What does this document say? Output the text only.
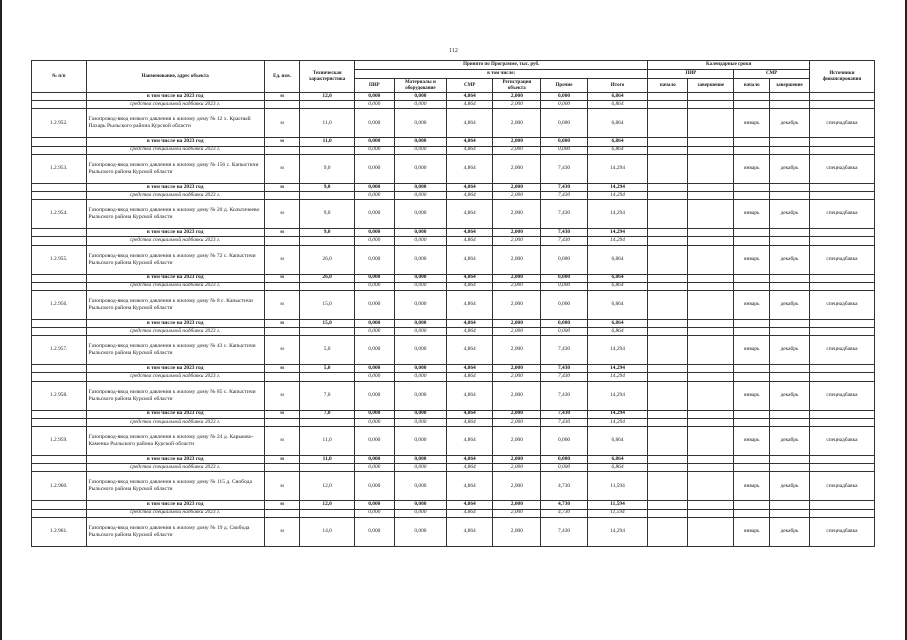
112
№ п/п	Наименование, адрес объекта	Ед. изм.	Техническая характеристика	Принято по Программе, тыс. руб.						Календарные сроки				Источники финансирования
				в том числе:						ПИР		СМР		
				ПИР	Материалы и оборудование	СМР	Регистрация объекта	Прочие	Итого	начало	завершение	начало	завершение	
	в том числе на 2023 год	м	12,0	0,000	0,000	4,864	2,000	0,000	6,864					
	средства специальной надбавки 2023 г.			0,000	0,000	4,864	2,000	0,000	6,864					
1.2.952.	Газопровод-ввод низкого давления к жилому дому № 12 х. Красный Пахарь Рыльского района Курской области	м	11,0	0,000	0,000	4,864	2,000	0,000	6,864			январь	декабрь	спецнадбавка
	в том числе на 2023 год	м	11,0	0,000	0,000	4,864	2,000	0,000	6,864					
	средства специальной надбавки 2023 г.			0,000	0,000	4,864	2,000	0,000	6,864					
1.2.953.	Газопровод-ввод низкого давления к жилому дому № 156 с. Капыстичи Рыльского района Курской области	м	9,0	0,000	0,000	4,864	2,000	7,430	14,294			январь	декабрь	спецнадбавка
	в том числе на 2023 год	м	9,0	0,000	0,000	4,864	2,000	7,430	14,294					
	средства специальной надбавки 2023 г.			0,000	0,000	4,864	2,000	7,430	14,294					
1.2.954.	Газопровод-ввод низкого давления к жилому дому № 20 д. Кольтичеево Рыльского района Курской области	м	9,0	0,000	0,000	4,864	2,000	7,430	14,294			январь	декабрь	спецнадбавка
	в том числе на 2023 год	м	9,0	0,000	0,000	4,864	2,000	7,430	14,294					
	средства специальной надбавки 2023 г.			0,000	0,000	4,864	2,000	7,430	14,294					
1.2.955.	Газопровод-ввод низкого давления к жилому дому № 72 с. Капыстичи Рыльского района Курской области	м	26,0	0,000	0,000	4,864	2,000	0,000	6,864			январь	декабрь	спецнадбавка
	в том числе на 2023 год	м	26,0	0,000	0,000	4,864	2,000	0,000	6,864					
	средства специальной надбавки 2023 г.			0,000	0,000	4,864	2,000	0,000	6,864					
1.2.956.	Газопровод-ввод низкого давления к жилому дому № 8 с. Капыстичи Рыльского района Курской области	м	15,0	0,000	0,000	4,864	2,000	0,000	6,864			январь	декабрь	спецнадбавка
	в том числе на 2023 год	м	15,0	0,000	0,000	4,864	2,000	0,000	6,864					
	средства специальной надбавки 2023 г.			0,000	0,000	4,864	2,000	0,000	6,864					
1.2.957.	Газопровод-ввод низкого давления к жилому дому № 43 с. Капыстичи Рыльского района Курской области	м	5,0	0,000	0,000	4,864	2,000	7,430	14,294			январь	декабрь	спецнадбавка
	в том числе на 2023 год	м	5,0	0,000	0,000	4,864	2,000	7,430	14,294					
	средства специальной надбавки 2023 г.			0,000	0,000	4,864	2,000	7,430	14,294					
1.2.958.	Газопровод-ввод низкого давления к жилому дому № 85 с. Капыстичи Рыльского района Курской области	м	7,0	0,000	0,000	4,864	2,000	7,430	14,294			январь	декабрь	спецнадбавка
	в том числе на 2023 год	м	7,0	0,000	0,000	4,864	2,000	7,430	14,294					
	средства специальной надбавки 2023 г.			0,000	0,000	4,864	2,000	7,430	14,294					
1.2.959.	Газопровод-ввод низкого давления к жилому дому № 24 д. Карьково-Каменка Рыльского района Курской области	м	11,0	0,000	0,000	4,864	2,000	0,000	6,864			январь	декабрь	спецнадбавка
	в том числе на 2023 год	м	11,0	0,000	0,000	4,864	2,000	0,000	6,864					
	средства специальной надбавки 2023 г.			0,000	0,000	4,864	2,000	0,000	6,864					
1.2.960.	Газопровод-ввод низкого давления к жилому дому № 115 д. Свобода Рыльского района Курской области	м	12,0	0,000	0,000	4,864	2,000	4,730	11,594			январь	декабрь	спецнадбавка
	в том числе на 2023 год	м	12,0	0,000	0,000	4,864	2,000	4,730	11,594					
	средства специальной надбавки 2023 г.			0,000	0,000	4,864	2,000	4,730	11,594					
1.2.961.	Газопровод-ввод низкого давления к жилому дому № 19 д. Свобода Рыльского района Курской области	м	14,0	0,000	0,000	4,864	2,000	7,430	14,294			январь	декабрь	спецнадбавка
